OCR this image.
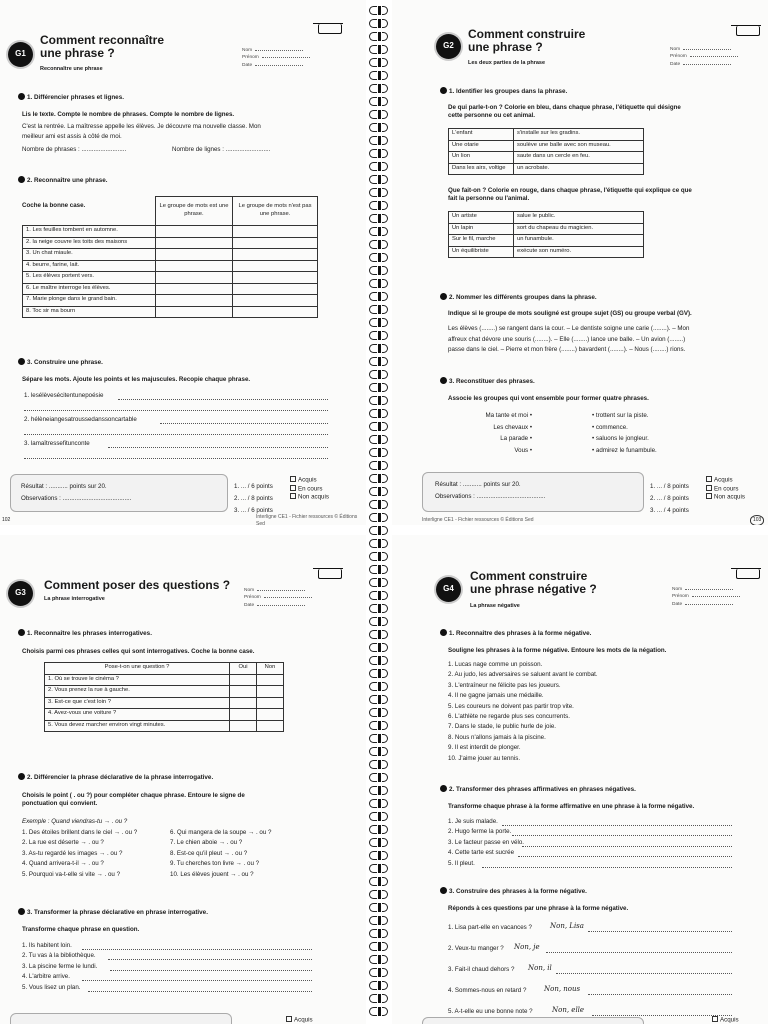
G1
Comment reconnaître
une phrase ?
Reconnaître une phrase
Nom
Prénom
Date
1. Différencier phrases et lignes.
Lis le texte. Compte le nombre de phrases. Compte le nombre de lignes.
C'est la rentrée. La maîtresse appelle les élèves. Je découvre ma nouvelle classe. Mon
meilleur ami est assis à côté de moi.
Nombre de phrases : ..........................	Nombre de lignes : ..........................
2. Reconnaître une phrase.
Coche la bonne case.
		Le groupe de mots est une phrase.	Le groupe de mots n'est pas une phrase.
1. Les feuilles tombent en automne.		
2. la neige couvre les toits des maisons		
3. Un chat miaule.		
4. beurre, farine, lait.		
5. Les élèves portent vers.		
6. Le maître interroge les élèves.		
7. Marie plonge dans le grand bain.		
8. Toc sir ma bourn		
3. Construire une phrase.
Sépare les mots. Ajoute les points et les majuscules. Recopie chaque phrase.
1. lesélèvesécitentunepoésie
2. hélèneiangesatroussedanssoncartable
3. lamaîtressefitunconte
Résultat : ........... points sur 20.
Observations : ........................................
1. ... / 6 points
2. ... / 8 points
3. ... / 6 points
Acquis
En cours
Non acquis
102	Interligne CE1 - Fichier ressources © Éditions Sed
G2
Comment construire
une phrase ?
Les deux parties de la phrase
Nom
Prénom
Date
1. Identifier les groupes dans la phrase.
De qui parle-t-on ? Colorie en bleu, dans chaque phrase, l'étiquette qui désigne
cette personne ou cet animal.
L'enfant	s'installe sur les gradins.
Une otarie	soulève une balle avec son museau.
Un lion	saute dans un cercle en feu.
Dans les airs, voltige	un acrobate.
Que fait-on ? Colorie en rouge, dans chaque phrase, l'étiquette qui explique ce que
fait la personne ou l'animal.
Un artiste	salue le public.
Un lapin	sort du chapeau du magicien.
Sur le fil, marche	un funambule.
Un équilibriste	exécute son numéro.
2. Nommer les différents groupes dans la phrase.
Indique si le groupe de mots souligné est groupe sujet (GS) ou groupe verbal (GV).
Les élèves (........) se rangent dans la cour. – Le dentiste soigne une carie (........). – Mon
affreux chat dévore une souris (........). – Elle (........) lance une balle. – Un avion (........)
passe dans le ciel. – Pierre et mon frère (........) bavardent (........). – Nous (........) rions.
3. Reconstituer des phrases.
Associe les groupes qui vont ensemble pour former quatre phrases.
Ma tante et moi •
Les chevaux •
La parade •
Vous •
• trottent sur la piste.
• commence.
• saluons le jongleur.
• admirez le funambule.
Résultat : ........... points sur 20.
Observations : ........................................
1. ... / 8 points
2. ... / 8 points
3. ... / 4 points
Acquis
En cours
Non acquis
Interligne CE1 - Fichier ressources © Éditions Sed	103
G3
Comment poser des questions ?
La phrase interrogative
Nom
Prénom
Date
1. Reconnaître les phrases interrogatives.
Choisis parmi ces phrases celles qui sont interrogatives. Coche la bonne case.
Pose-t-on une question ?	Oui	Non
1. Où se trouve le cinéma ?		
2. Vous prenez la rue à gauche.		
3. Est-ce que c'est loin ?		
4. Avez-vous une voiture ?		
5. Vous devez marcher environ vingt minutes.		
2. Différencier la phrase déclarative de la phrase interrogative.
Choisis le point ( . ou ?) pour compléter chaque phrase. Entoure le signe de
ponctuation qui convient.
Exemple : Quand viendras-tu → . ou ?
1. Des étoiles brillent dans le ciel → . ou ?
2. La rue est déserte → . ou ?
3. As-tu regardé les images → . ou ?
4. Quand arrivera-t-il → . ou ?
5. Pourquoi va-t-elle si vite → . ou ?
6. Qui mangera de la soupe → . ou ?
7. Le chien aboie → . ou ?
8. Est-ce qu'il pleut → . ou ?
9. Tu cherches ton livre → . ou ?
10. Les élèves jouent → . ou ?
3. Transformer la phrase déclarative en phrase interrogative.
Transforme chaque phrase en question.
1. Ils habitent loin.
2. Tu vas à la bibliothèque.
3. La piscine ferme le lundi.
4. L'arbitre arrive.
5. Vous lisez un plan.
Acquis
G4
Comment construire
une phrase négative ?
La phrase négative
Nom
Prénom
Date
1. Reconnaître des phrases à la forme négative.
Souligne les phrases à la forme négative. Entoure les mots de la négation.
1. Lucas nage comme un poisson.
2. Au judo, les adversaires se saluent avant le combat.
3. L'entraîneur ne félicite pas les joueurs.
4. Il ne gagne jamais une médaille.
5. Les coureurs ne doivent pas partir trop vite.
6. L'athlète ne regarde plus ses concurrents.
7. Dans le stade, le public hurle de joie.
8. Nous n'allons jamais à la piscine.
9. Il est interdit de plonger.
10. J'aime jouer au tennis.
2. Transformer des phrases affirmatives en phrases négatives.
Transforme chaque phrase à la forme affirmative en une phrase à la forme négative.
1. Je suis malade.
2. Hugo ferme la porte.
3. Le facteur passe en vélo.
4. Cette tarte est sucrée
5. Il pleut.
3. Construire des phrases à la forme négative.
Réponds à ces questions par une phrase à la forme négative.
1. Lisa part-elle en vacances ?	Non, Lisa
2. Veux-tu manger ? Non, je
3. Fait-il chaud dehors ? Non, il
4. Sommes-nous en retard ?	Non, nous
5. A-t-elle eu une bonne note ?	Non, elle
Acquis
